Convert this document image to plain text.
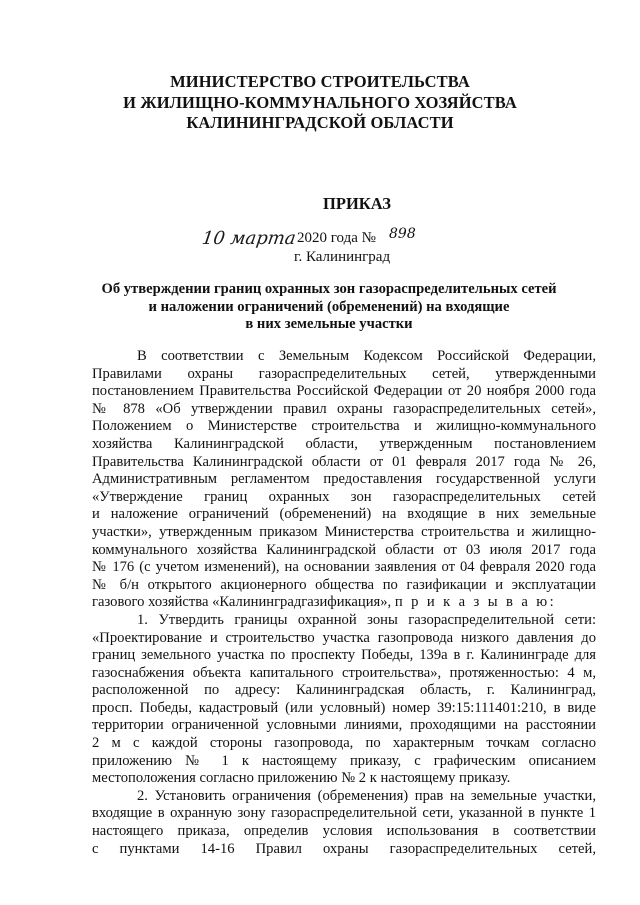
МИНИСТЕРСТВО СТРОИТЕЛЬСТВА
И ЖИЛИЩНО-КОММУНАЛЬНОГО ХОЗЯЙСТВА
КАЛИНИНГРАДСКОЙ ОБЛАСТИ
ПРИКАЗ
10 марта 2020 года № 898
г. Калининград
Об утверждении границ охранных зон газораспределительных сетей
и наложении ограничений (обременений) на входящие
в них земельные участки
В соответствии с Земельным Кодексом Российской Федерации,
Правилами охраны газораспределительных сетей, утвержденными
постановлением Правительства Российской Федерации от 20 ноября 2000 года
№ 878 «Об утверждении правил охраны газораспределительных сетей»,
Положением о Министерстве строительства и жилищно-коммунального
хозяйства Калининградской области, утвержденным постановлением
Правительства Калининградской области от 01 февраля 2017 года № 26,
Административным регламентом предоставления государственной услуги
«Утверждение границ охранных зон газораспределительных сетей
и наложение ограничений (обременений) на входящие в них земельные
участки», утвержденным приказом Министерства строительства и жилищно-
коммунального хозяйства Калининградской области от 03 июля 2017 года
№ 176 (с учетом изменений), на основании заявления от 04 февраля 2020 года
№ б/н открытого акционерного общества по газификации и эксплуатации
газового хозяйства «Калининградгазификация», п р и к а з ы в а ю:
1. Утвердить границы охранной зоны газораспределительной сети:
«Проектирование и строительство участка газопровода низкого давления до
границ земельного участка по проспекту Победы, 139а в г. Калининграде для
газоснабжения объекта капитального строительства», протяженностью: 4 м,
расположенной по адресу: Калининградская область, г. Калининград,
просп. Победы, кадастровый (или условный) номер 39:15:111401:210, в виде
территории ограниченной условными линиями, проходящими на расстоянии
2 м с каждой стороны газопровода, по характерным точкам согласно
приложению № 1 к настоящему приказу, с графическим описанием
местоположения согласно приложению № 2 к настоящему приказу.
2. Установить ограничения (обременения) прав на земельные участки,
входящие в охранную зону газораспределительной сети, указанной в пункте 1
настоящего приказа, определив условия использования в соответствии
с пунктами 14-16 Правил охраны газораспределительных сетей,
